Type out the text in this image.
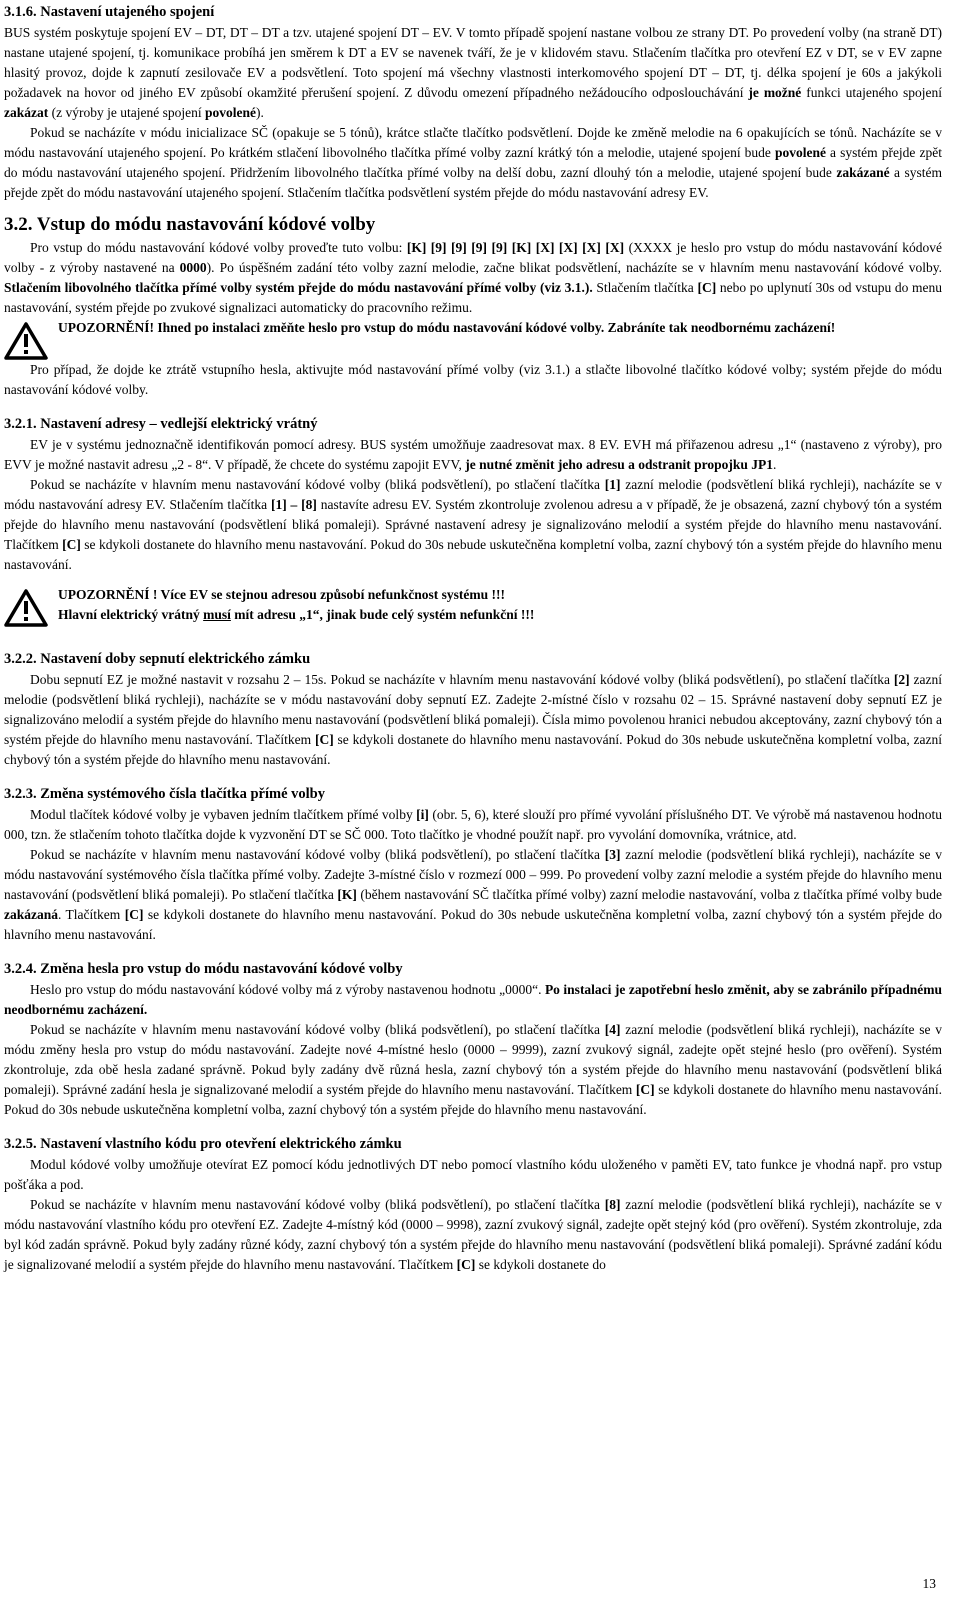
3.1.6. Nastavení utajeného spojení

BUS systém poskytuje spojení EV – DT, DT – DT a tzv. utajené spojení DT – EV. V tomto případě spojení nastane volbou ze strany DT. Po provedení volby (na straně DT) nastane utajené spojení, tj. komunikace probíhá jen směrem k DT a EV se navenek tváří, že je v klidovém stavu. Stlačením tlačítka pro otevření EZ v DT, se v EV zapne hlasitý provoz, dojde k zapnutí zesilovače EV a podsvětlení. Toto spojení má všechny vlastnosti interkomového spojení DT – DT, tj. délka spojení je 60s a jakýkoli požadavek na hovor od jiného EV způsobí okamžité přerušení spojení. Z důvodu omezení případného nežádoucího odposlouchávání je možné funkci utajeného spojení zakázat (z výroby je utajené spojení povolené).

Pokud se nacházíte v módu inicializace SČ (opakuje se 5 tónů), krátce stlačte tlačítko podsvětlení. Dojde ke změně melodie na 6 opakujících se tónů. Nacházíte se v módu nastavování utajeného spojení. Po krátkém stlačení libovolného tlačítka přímé volby zazní krátký tón a melodie, utajené spojení bude povolené a systém přejde zpět do módu nastavování utajeného spojení. Přidržením libovolného tlačítka přímé volby na delší dobu, zazní dlouhý tón a melodie, utajené spojení bude zakázané a systém přejde zpět do módu nastavování utajeného spojení. Stlačením tlačítka podsvětlení systém přejde do módu nastavování adresy EV.

3.2. Vstup do módu nastavování kódové volby

Pro vstup do módu nastavování kódové volby proveďte tuto volbu: [K] [9] [9] [9] [9] [K] [X] [X] [X] [X] (XXXX je heslo pro vstup do módu nastavování kódové volby - z výroby nastavené na 0000). Po úspěšném zadání této volby zazní melodie, začne blikat podsvětlení, nacházíte se v hlavním menu nastavování kódové volby. Stlačením libovolného tlačítka přímé volby systém přejde do módu nastavování přímé volby (viz 3.1.). Stlačením tlačítka [C] nebo po uplynutí 30s od vstupu do menu nastavování, systém přejde po zvukové signalizaci automaticky do pracovního režimu.

UPOZORNĚNÍ! Ihned po instalaci změňte heslo pro vstup do módu nastavování kódové volby. Zabráníte tak neodbornému zacházení!

Pro případ, že dojde ke ztrátě vstupního hesla, aktivujte mód nastavování přímé volby (viz 3.1.) a stlačte libovolné tlačítko kódové volby; systém přejde do módu nastavování kódové volby.

3.2.1. Nastavení adresy – vedlejší elektrický vrátný

EV je v systému jednoznačně identifikován pomocí adresy. BUS systém umožňuje zaadresovat max. 8 EV. EVH má přiřazenou adresu „1“ (nastaveno z výroby), pro EVV je možné nastavit adresu „2 - 8“. V případě, že chcete do systému zapojit EVV, je nutné změnit jeho adresu a odstranit propojku JP1.

Pokud se nacházíte v hlavním menu nastavování kódové volby (bliká podsvětlení), po stlačení tlačítka [1] zazní melodie (podsvětlení bliká rychleji), nacházíte se v módu nastavování adresy EV. Stlačením tlačítka [1] – [8] nastavíte adresu EV. Systém zkontroluje zvolenou adresu a v případě, že je obsazená, zazní chybový tón a systém přejde do hlavního menu nastavování (podsvětlení bliká pomaleji). Správné nastavení adresy je signalizováno melodií a systém přejde do hlavního menu nastavování. Tlačítkem [C] se kdykoli dostanete do hlavního menu nastavování. Pokud do 30s nebude uskutečněna kompletní volba, zazní chybový tón a systém přejde do hlavního menu nastavování.

UPOZORNĚNÍ ! Více EV se stejnou adresou způsobí nefunkčnost systému !!!

Hlavní elektrický vrátný musí mít adresu „1“, jinak bude celý systém nefunkční !!!

3.2.2. Nastavení doby sepnutí elektrického zámku

Dobu sepnutí EZ je možné nastavit v rozsahu 2 – 15s. Pokud se nacházíte v hlavním menu nastavování kódové volby (bliká podsvětlení), po stlačení tlačítka [2] zazní melodie (podsvětlení bliká rychleji), nacházíte se v módu nastavování doby sepnutí EZ. Zadejte 2-místné číslo v rozsahu 02 – 15. Správné nastavení doby sepnutí EZ je signalizováno melodií a systém přejde do hlavního menu nastavování (podsvětlení bliká pomaleji). Čísla mimo povolenou hranici nebudou akceptovány, zazní chybový tón a systém přejde do hlavního menu nastavování. Tlačítkem [C] se kdykoli dostanete do hlavního menu nastavování. Pokud do 30s nebude uskutečněna kompletní volba, zazní chybový tón a systém přejde do hlavního menu nastavování.

3.2.3. Změna systémového čísla tlačítka přímé volby

Modul tlačítek kódové volby je vybaven jedním tlačítkem přímé volby [i] (obr. 5, 6), které slouží pro přímé vyvolání příslušného DT. Ve výrobě má nastavenou hodnotu 000, tzn. že stlačením tohoto tlačítka dojde k vyzvonění DT se SČ 000. Toto tlačítko je vhodné použít např. pro vyvolání domovníka, vrátnice, atd.

Pokud se nacházíte v hlavním menu nastavování kódové volby (bliká podsvětlení), po stlačení tlačítka [3] zazní melodie (podsvětlení bliká rychleji), nacházíte se v módu nastavování systémového čísla tlačítka přímé volby. Zadejte 3-místné číslo v rozmezí 000 – 999. Po provedení volby zazní melodie a systém přejde do hlavního menu nastavování (podsvětlení bliká pomaleji). Po stlačení tlačítka [K] (během nastavování SČ tlačítka přímé volby) zazní melodie nastavování, volba z tlačítka přímé volby bude zakázaná. Tlačítkem [C] se kdykoli dostanete do hlavního menu nastavování. Pokud do 30s nebude uskutečněna kompletní volba, zazní chybový tón a systém přejde do hlavního menu nastavování.

3.2.4. Změna hesla pro vstup do módu nastavování kódové volby

Heslo pro vstup do módu nastavování kódové volby má z výroby nastavenou hodnotu „0000“. Po instalaci je zapotřební heslo změnit, aby se zabránilo případnému neodbornému zacházení.

Pokud se nacházíte v hlavním menu nastavování kódové volby (bliká podsvětlení), po stlačení tlačítka [4] zazní melodie (podsvětlení bliká rychleji), nacházíte se v módu změny hesla pro vstup do módu nastavování. Zadejte nové 4-místné heslo (0000 – 9999), zazní zvukový signál, zadejte opět stejné heslo (pro ověření). Systém zkontroluje, zda obě hesla zadané správně. Pokud byly zadány dvě různá hesla, zazní chybový tón a systém přejde do hlavního menu nastavování (podsvětlení bliká pomaleji). Správné zadání hesla je signalizované melodií a systém přejde do hlavního menu nastavování. Tlačítkem [C] se kdykoli dostanete do hlavního menu nastavování. Pokud do 30s nebude uskutečněna kompletní volba, zazní chybový tón a systém přejde do hlavního menu nastavování.

3.2.5. Nastavení vlastního kódu pro otevření elektrického zámku

Modul kódové volby umožňuje otevírat EZ pomocí kódu jednotlivých DT nebo pomocí vlastního kódu uloženého v paměti EV, tato funkce je vhodná např. pro vstup pošťáka a pod.

Pokud se nacházíte v hlavním menu nastavování kódové volby (bliká podsvětlení), po stlačení tlačítka [8] zazní melodie (podsvětlení bliká rychleji), nacházíte se v módu nastavování vlastního kódu pro otevření EZ. Zadejte 4-místný kód (0000 – 9998), zazní zvukový signál, zadejte opět stejný kód (pro ověření). Systém zkontroluje, zda byl kód zadán správně. Pokud byly zadány různé kódy, zazní chybový tón a systém přejde do hlavního menu nastavování (podsvětlení bliká pomaleji). Správné zadání kódu je signalizované melodií a systém přejde do hlavního menu nastavování. Tlačítkem [C] se kdykoli dostanete do

13
